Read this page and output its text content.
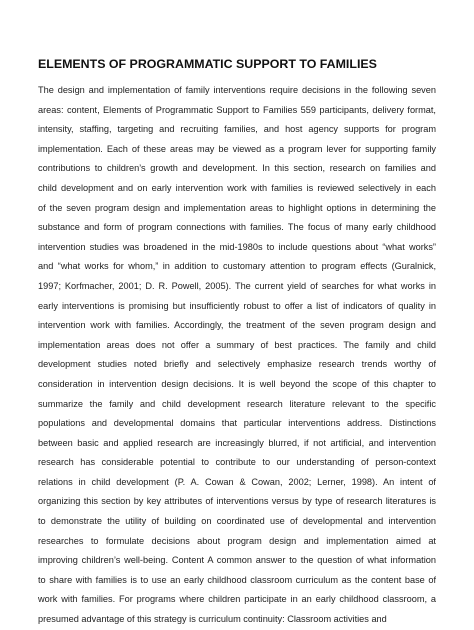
ELEMENTS OF PROGRAMMATIC SUPPORT TO FAMILIES
The design and implementation of family interventions require decisions in the following seven
areas: content, Elements of Programmatic Support to Families 559 participants, delivery format,
intensity, staffing, targeting and recruiting families, and host agency supports for program
implementation. Each of these areas may be viewed as a program lever for supporting family
contributions to children’s growth and development. In this section, research on families and
child development and on early intervention work with families is reviewed selectively in each
of the seven program design and implementation areas to highlight options in determining the
substance and form of program connections with families. The focus of many early childhood
intervention studies was broadened in the mid-1980s to include questions about “what works”
and “what works for whom,” in addition to customary attention to program effects (Guralnick,
1997; Korfmacher, 2001; D. R. Powell, 2005). The current yield of searches for what works in
early interventions is promising but insufficiently robust to offer a list of indicators of quality in
intervention work with families. Accordingly, the treatment of the seven program design and
implementation areas does not offer a summary of best practices. The family and child
development studies noted briefly and selectively emphasize research trends worthy of
consideration in intervention design decisions. It is well beyond the scope of this chapter to
summarize the family and child development research literature relevant to the specific
populations and developmental domains that particular interventions address. Distinctions
between basic and applied research are increasingly blurred, if not artificial, and intervention
research has considerable potential to contribute to our understanding of person-context
relations in child development (P. A. Cowan & Cowan, 2002; Lerner, 1998). An intent of
organizing this section by key attributes of interventions versus by type of research literatures is
to demonstrate the utility of building on coordinated use of developmental and intervention
researches to formulate decisions about program design and implementation aimed at
improving children’s well-being. Content A common answer to the question of what information
to share with families is to use an early childhood classroom curriculum as the content base of
work with families. For programs where children participate in an early childhood classroom, a
presumed advantage of this strategy is curriculum continuity: Classroom activities and
